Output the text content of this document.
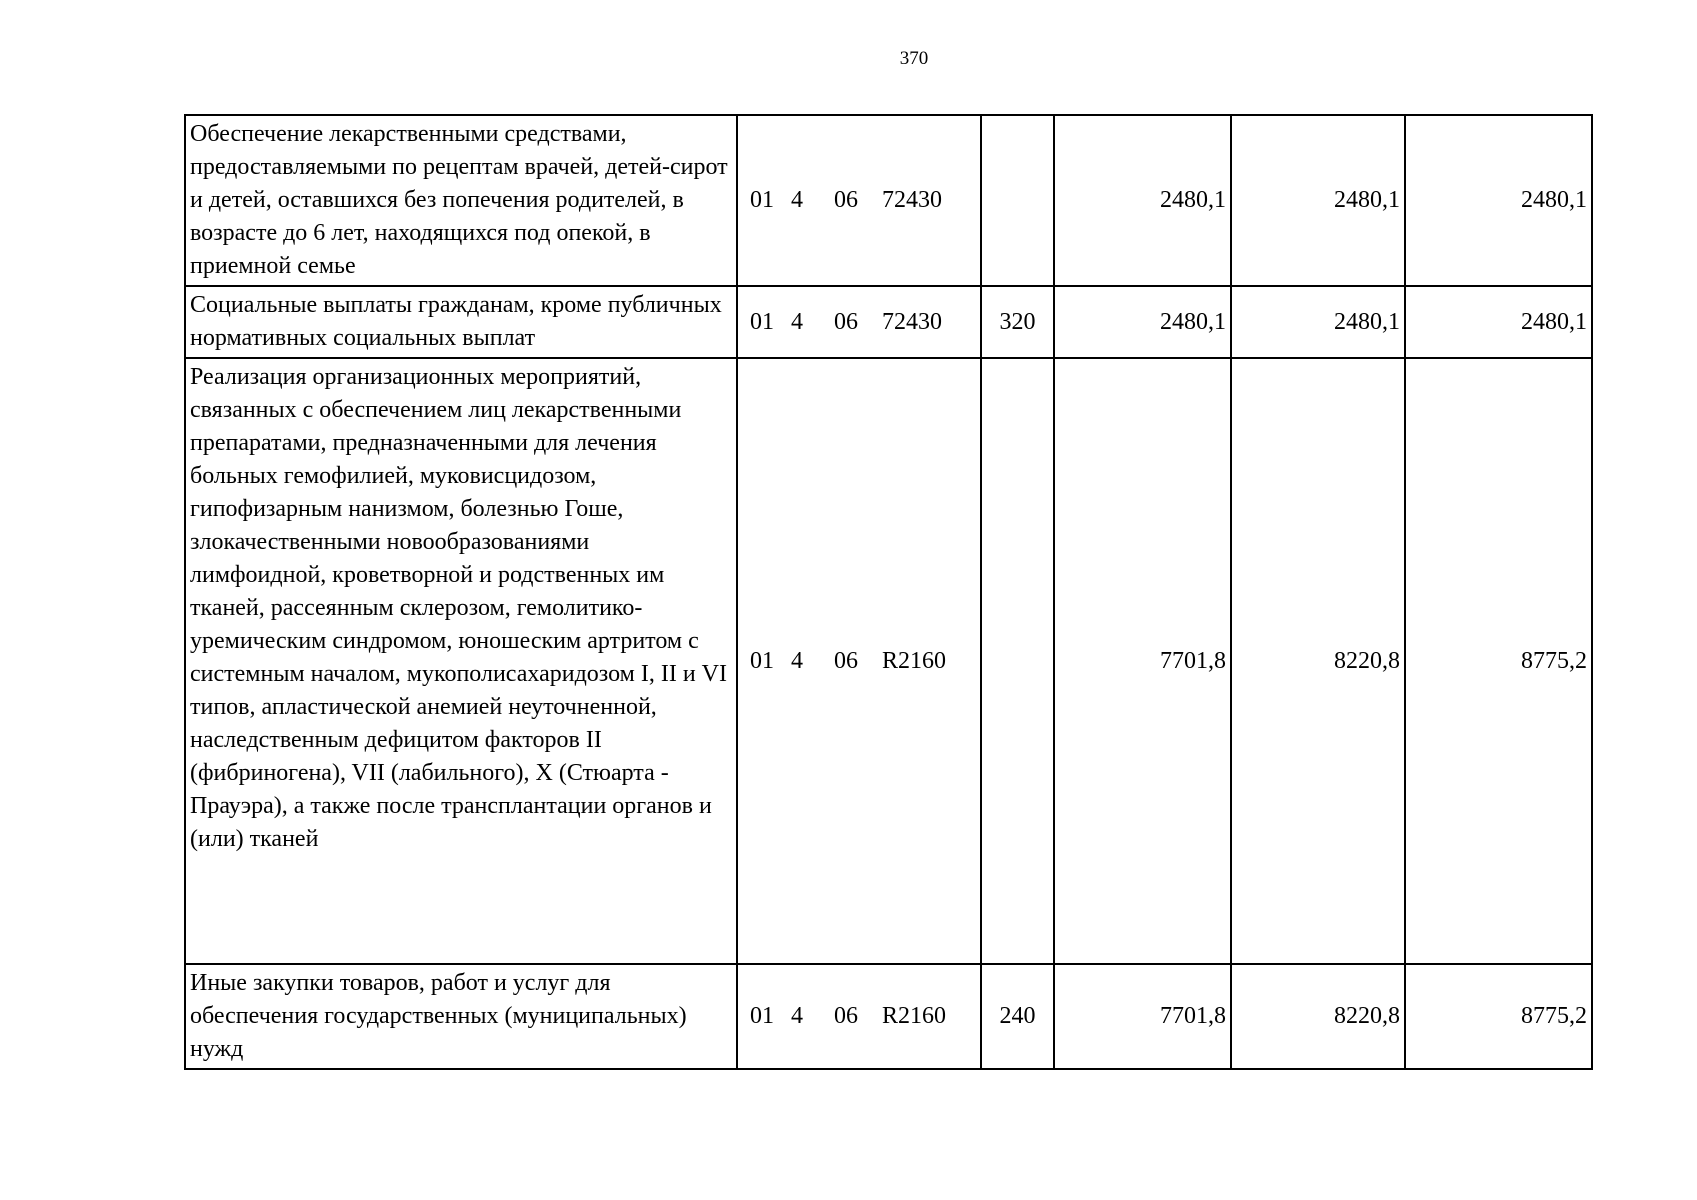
370
Обеспечение лекарственными средствами, предоставляемыми по рецептам врачей, детей-сирот и детей, оставшихся без попечения родителей, в возрасте до 6 лет, находящихся под опекой, в приемной семье	01 4 06 72430		2480,1	2480,1	2480,1
Социальные выплаты гражданам, кроме публичных нормативных социальных выплат	01 4 06 72430	320	2480,1	2480,1	2480,1
Реализация организационных мероприятий, связанных с обеспечением лиц лекарственными препаратами, предназначенными для лечения больных гемофилией, муковисцидозом, гипофизарным нанизмом, болезнью Гоше, злокачественными новообразованиями лимфоидной, кроветворной и родственных им тканей, рассеянным склерозом, гемолитико-уремическим синдромом, юношеским артритом с системным началом, мукополисахаридозом I, II и VI типов, апластической анемией неуточненной, наследственным дефицитом факторов II (фибриногена), VII (лабильного), X (Стюарта - Прауэра), а также после трансплантации органов и (или) тканей	01 4 06 R2160		7701,8	8220,8	8775,2
Иные закупки товаров, работ и услуг для обеспечения государственных (муниципальных) нужд	01 4 06 R2160	240	7701,8	8220,8	8775,2
